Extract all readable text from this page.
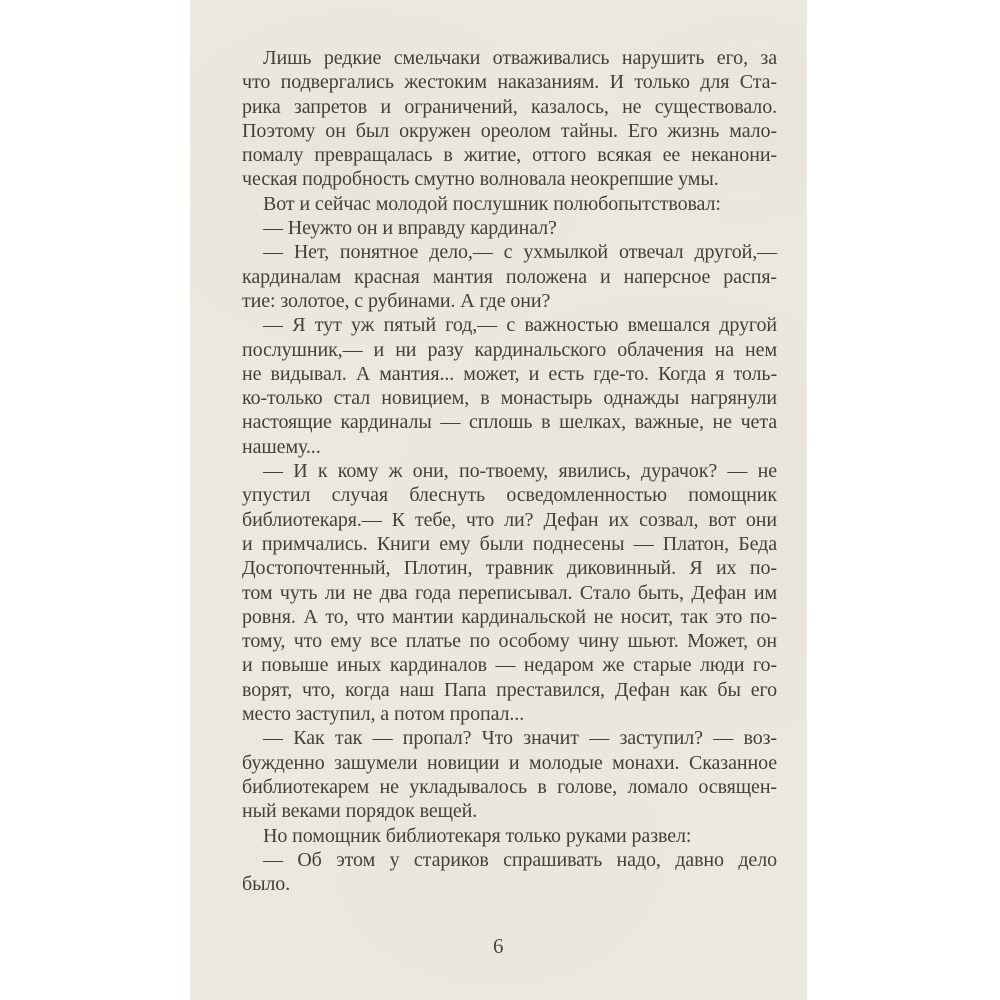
Лишь редкие смельчаки отваживались нарушить его, за
что подвергались жестоким наказаниям. И только для Ста-
рика запретов и ограничений, казалось, не существовало.
Поэтому он был окружен ореолом тайны. Его жизнь мало-
помалу превращалась в житие, оттого всякая ее неканони-
ческая подробность смутно волновала неокрепшие умы.
Вот и сейчас молодой послушник полюбопытствовал:
— Неужто он и вправду кардинал?
— Нет, понятное дело,— с ухмылкой отвечал другой,—
кардиналам красная мантия положена и наперсное распя-
тие: золотое, с рубинами. А где они?
— Я тут уж пятый год,— с важностью вмешался другой
послушник,— и ни разу кардинальского облачения на нем
не видывал. А мантия... может, и есть где-то. Когда я толь-
ко-только стал новицием, в монастырь однажды нагрянули
настоящие кардиналы — сплошь в шелках, важные, не чета
нашему...
— И к кому ж они, по-твоему, явились, дурачок? — не
упустил случая блеснуть осведомленностью помощник
библиотекаря.— К тебе, что ли? Дефан их созвал, вот они
и примчались. Книги ему были поднесены — Платон, Беда
Достопочтенный, Плотин, травник диковинный. Я их по-
том чуть ли не два года переписывал. Стало быть, Дефан им
ровня. А то, что мантии кардинальской не носит, так это по-
тому, что ему все платье по особому чину шьют. Может, он
и повыше иных кардиналов — недаром же старые люди го-
ворят, что, когда наш Папа преставился, Дефан как бы его
место заступил, а потом пропал...
— Как так — пропал? Что значит — заступил? — воз-
бужденно зашумели новиции и молодые монахи. Сказанное
библиотекарем не укладывалось в голове, ломало освящен-
ный веками порядок вещей.
Но помощник библиотекаря только руками развел:
— Об этом у стариков спрашивать надо, давно дело
было.
6
